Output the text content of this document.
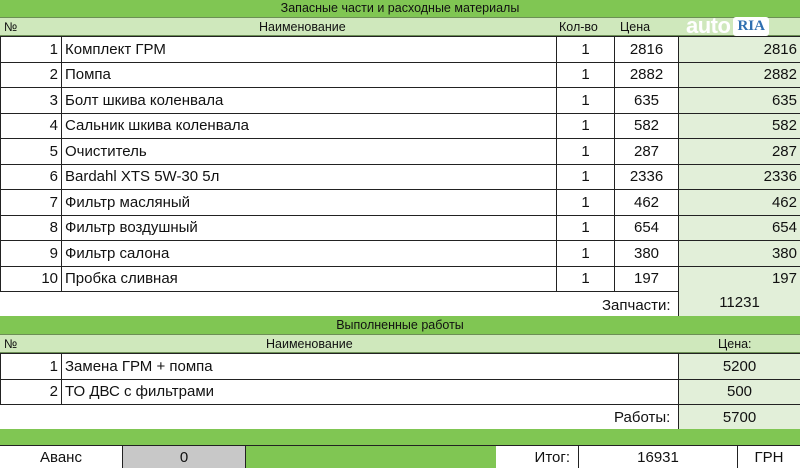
Запасные части и расходные материалы
№	Наименование	Кол-во Цена
1	Комплект ГРМ	1	2816	2816
2	Помпа	1	2882	2882
3	Болт шкива коленвала	1	635	635
4	Сальник шкива коленвала	1	582	582
5	Очиститель	1	287	287
6	Bardahl XTS 5W-30 5л	1	2336	2336
7	Фильтр масляный	1	462	462
8	Фильтр воздушный	1	654	654
9	Фильтр салона	1	380	380
10	Пробка сливная	1	197	197
Запчасти:	11231
Выполненные работы
№	Наименование	Цена:
1	Замена ГРМ + помпа	5200
2	ТО ДВС с фильтрами	500
Работы:	5700
Аванс	0	Итог:	16931	ГРН
auto RIA
